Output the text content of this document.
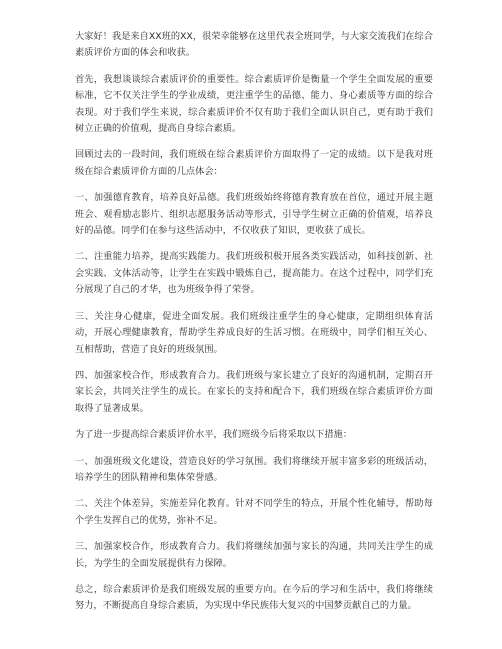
大家好！我是来自XX班的XX，很荣幸能够在这里代表全班同学，与大家交流我们在综合素质评价方面的体会和收获。

首先，我想谈谈综合素质评价的重要性。综合素质评价是衡量一个学生全面发展的重要标准，它不仅关注学生的学业成绩，更注重学生的品德、能力、身心素质等方面的综合表现。对于我们学生来说，综合素质评价不仅有助于我们全面认识自己，更有助于我们树立正确的价值观，提高自身综合素质。

回顾过去的一段时间，我们班级在综合素质评价方面取得了一定的成绩。以下是我对班级在综合素质评价方面的几点体会：

一、加强德育教育，培养良好品德。我们班级始终将德育教育放在首位，通过开展主题班会、观看励志影片、组织志愿服务活动等形式，引导学生树立正确的价值观，培养良好的品德。同学们在参与这些活动中，不仅收获了知识，更收获了成长。

二、注重能力培养，提高实践能力。我们班级积极开展各类实践活动，如科技创新、社会实践、文体活动等，让学生在实践中锻炼自己，提高能力。在这个过程中，同学们充分展现了自己的才华，也为班级争得了荣誉。

三、关注身心健康，促进全面发展。我们班级注重学生的身心健康，定期组织体育活动，开展心理健康教育，帮助学生养成良好的生活习惯。在班级中，同学们相互关心、互相帮助，营造了良好的班级氛围。

四、加强家校合作，形成教育合力。我们班级与家长建立了良好的沟通机制，定期召开家长会，共同关注学生的成长。在家长的支持和配合下，我们班级在综合素质评价方面取得了显著成果。

为了进一步提高综合素质评价水平，我们班级今后将采取以下措施：

一、加强班级文化建设，营造良好的学习氛围。我们将继续开展丰富多彩的班级活动，培养学生的团队精神和集体荣誉感。

二、关注个体差异，实施差异化教育。针对不同学生的特点，开展个性化辅导，帮助每个学生发挥自己的优势，弥补不足。

三、加强家校合作，形成教育合力。我们将继续加强与家长的沟通，共同关注学生的成长，为学生的全面发展提供有力保障。

总之，综合素质评价是我们班级发展的重要方向。在今后的学习和生活中，我们将继续努力，不断提高自身综合素质，为实现中华民族伟大复兴的中国梦贡献自己的力量。
